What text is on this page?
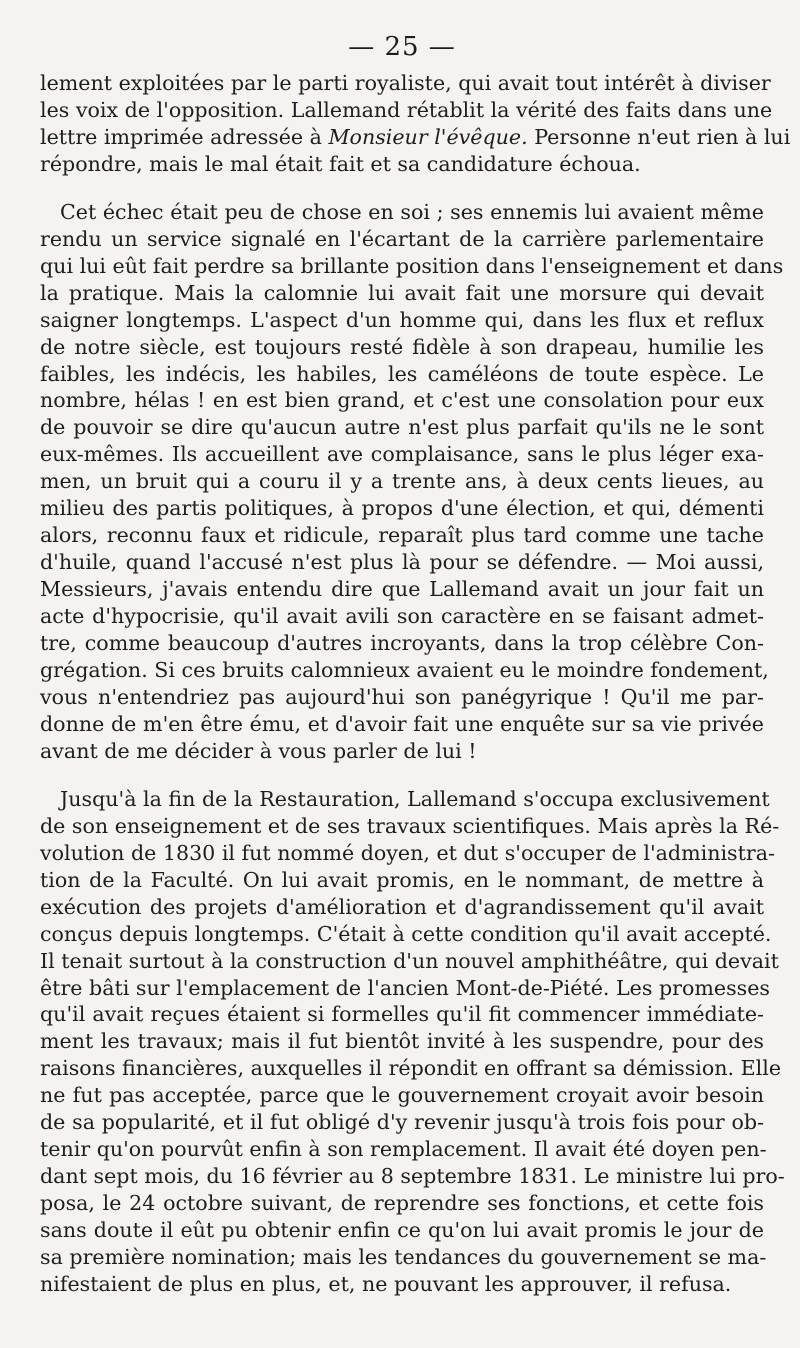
— 25 —

lement exploitées par le parti royaliste, qui avait tout intérêt à diviser
les voix de l'opposition. Lallemand rétablit la vérité des faits dans une
lettre imprimée adressée à Monsieur l'évêque. Personne n'eut rien à lui
répondre, mais le mal était fait et sa candidature échoua.

Cet échec était peu de chose en soi ; ses ennemis lui avaient même
rendu un service signalé en l'écartant de la carrière parlementaire
qui lui eût fait perdre sa brillante position dans l'enseignement et dans
la pratique. Mais la calomnie lui avait fait une morsure qui devait
saigner longtemps. L'aspect d'un homme qui, dans les flux et reflux
de notre siècle, est toujours resté fidèle à son drapeau, humilie les
faibles, les indécis, les habiles, les caméléons de toute espèce. Le
nombre, hélas ! en est bien grand, et c'est une consolation pour eux
de pouvoir se dire qu'aucun autre n'est plus parfait qu'ils ne le sont
eux-mêmes. Ils accueillent ave complaisance, sans le plus léger exa-
men, un bruit qui a couru il y a trente ans, à deux cents lieues, au
milieu des partis politiques, à propos d'une élection, et qui, démenti
alors, reconnu faux et ridicule, reparaît plus tard comme une tache
d'huile, quand l'accusé n'est plus là pour se défendre. — Moi aussi,
Messieurs, j'avais entendu dire que Lallemand avait un jour fait un
acte d'hypocrisie, qu'il avait avili son caractère en se faisant admet-
tre, comme beaucoup d'autres incroyants, dans la trop célèbre Con-
grégation. Si ces bruits calomnieux avaient eu le moindre fondement,
vous n'entendriez pas aujourd'hui son panégyrique ! Qu'il me par-
donne de m'en être ému, et d'avoir fait une enquête sur sa vie privée
avant de me décider à vous parler de lui !

Jusqu'à la fin de la Restauration, Lallemand s'occupa exclusivement
de son enseignement et de ses travaux scientifiques. Mais après la Ré-
volution de 1830 il fut nommé doyen, et dut s'occuper de l'administra-
tion de la Faculté. On lui avait promis, en le nommant, de mettre à
exécution des projets d'amélioration et d'agrandissement qu'il avait
conçus depuis longtemps. C'était à cette condition qu'il avait accepté.
Il tenait surtout à la construction d'un nouvel amphithéâtre, qui devait
être bâti sur l'emplacement de l'ancien Mont-de-Piété. Les promesses
qu'il avait reçues étaient si formelles qu'il fit commencer immédiate-
ment les travaux; mais il fut bientôt invité à les suspendre, pour des
raisons financières, auxquelles il répondit en offrant sa démission. Elle
ne fut pas acceptée, parce que le gouvernement croyait avoir besoin
de sa popularité, et il fut obligé d'y revenir jusqu'à trois fois pour ob-
tenir qu'on pourvût enfin à son remplacement. Il avait été doyen pen-
dant sept mois, du 16 février au 8 septembre 1831. Le ministre lui pro-
posa, le 24 octobre suivant, de reprendre ses fonctions, et cette fois
sans doute il eût pu obtenir enfin ce qu'on lui avait promis le jour de
sa première nomination; mais les tendances du gouvernement se ma-
nifestaient de plus en plus, et, ne pouvant les approuver, il refusa.
